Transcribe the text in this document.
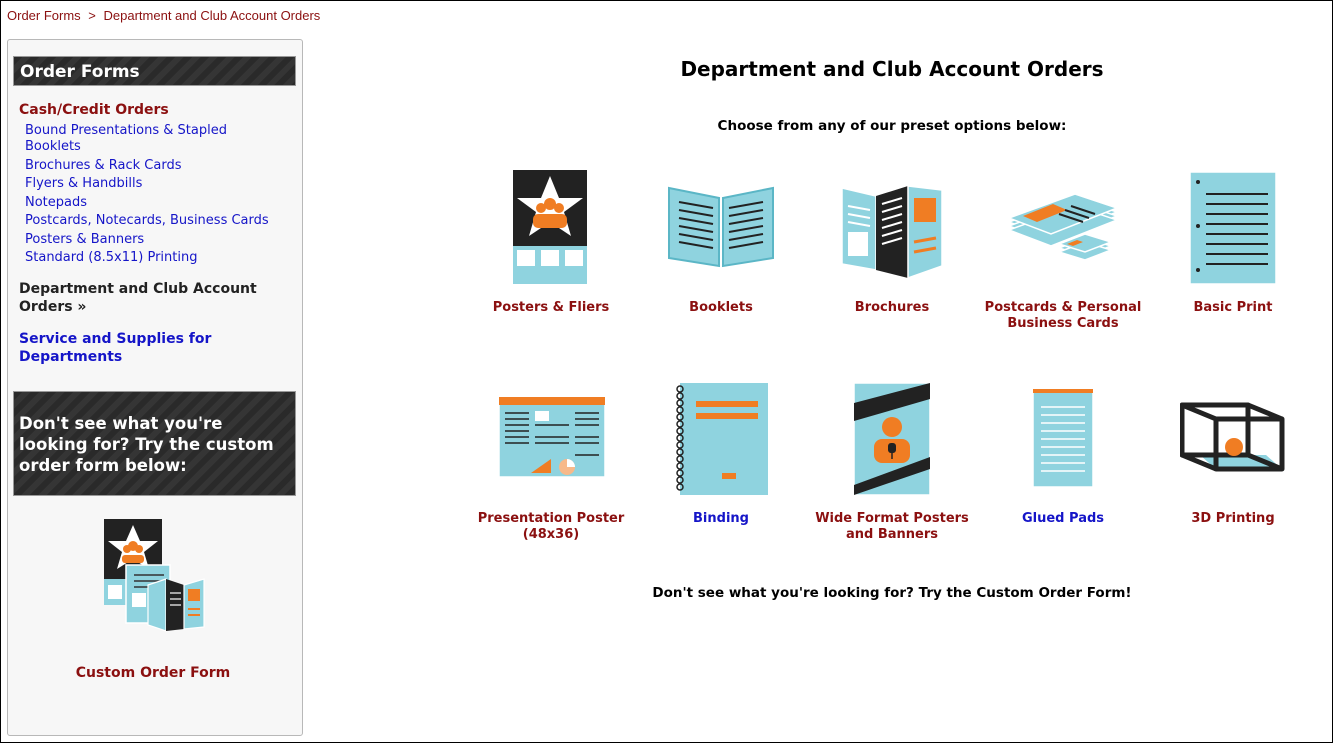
Order Forms > Department and Club Account Orders
Order Forms
Cash/Credit Orders
Bound Presentations & Stapled Booklets
Brochures & Rack Cards
Flyers & Handbills
Notepads
Postcards, Notecards, Business Cards
Posters & Banners
Standard (8.5x11) Printing
Department and Club Account Orders »
Service and Supplies for Departments
Don't see what you're looking for? Try the custom order form below:
Custom Order Form
Department and Club Account Orders
Choose from any of our preset options below:
Posters & Fliers	Booklets	Brochures	Postcards & Personal Business Cards
Basic Print
Presentation Poster (48x36)
Binding	Wide Format Posters and Banners
Glued Pads	3D Printing
Don't see what you're looking for? Try the Custom Order Form!
